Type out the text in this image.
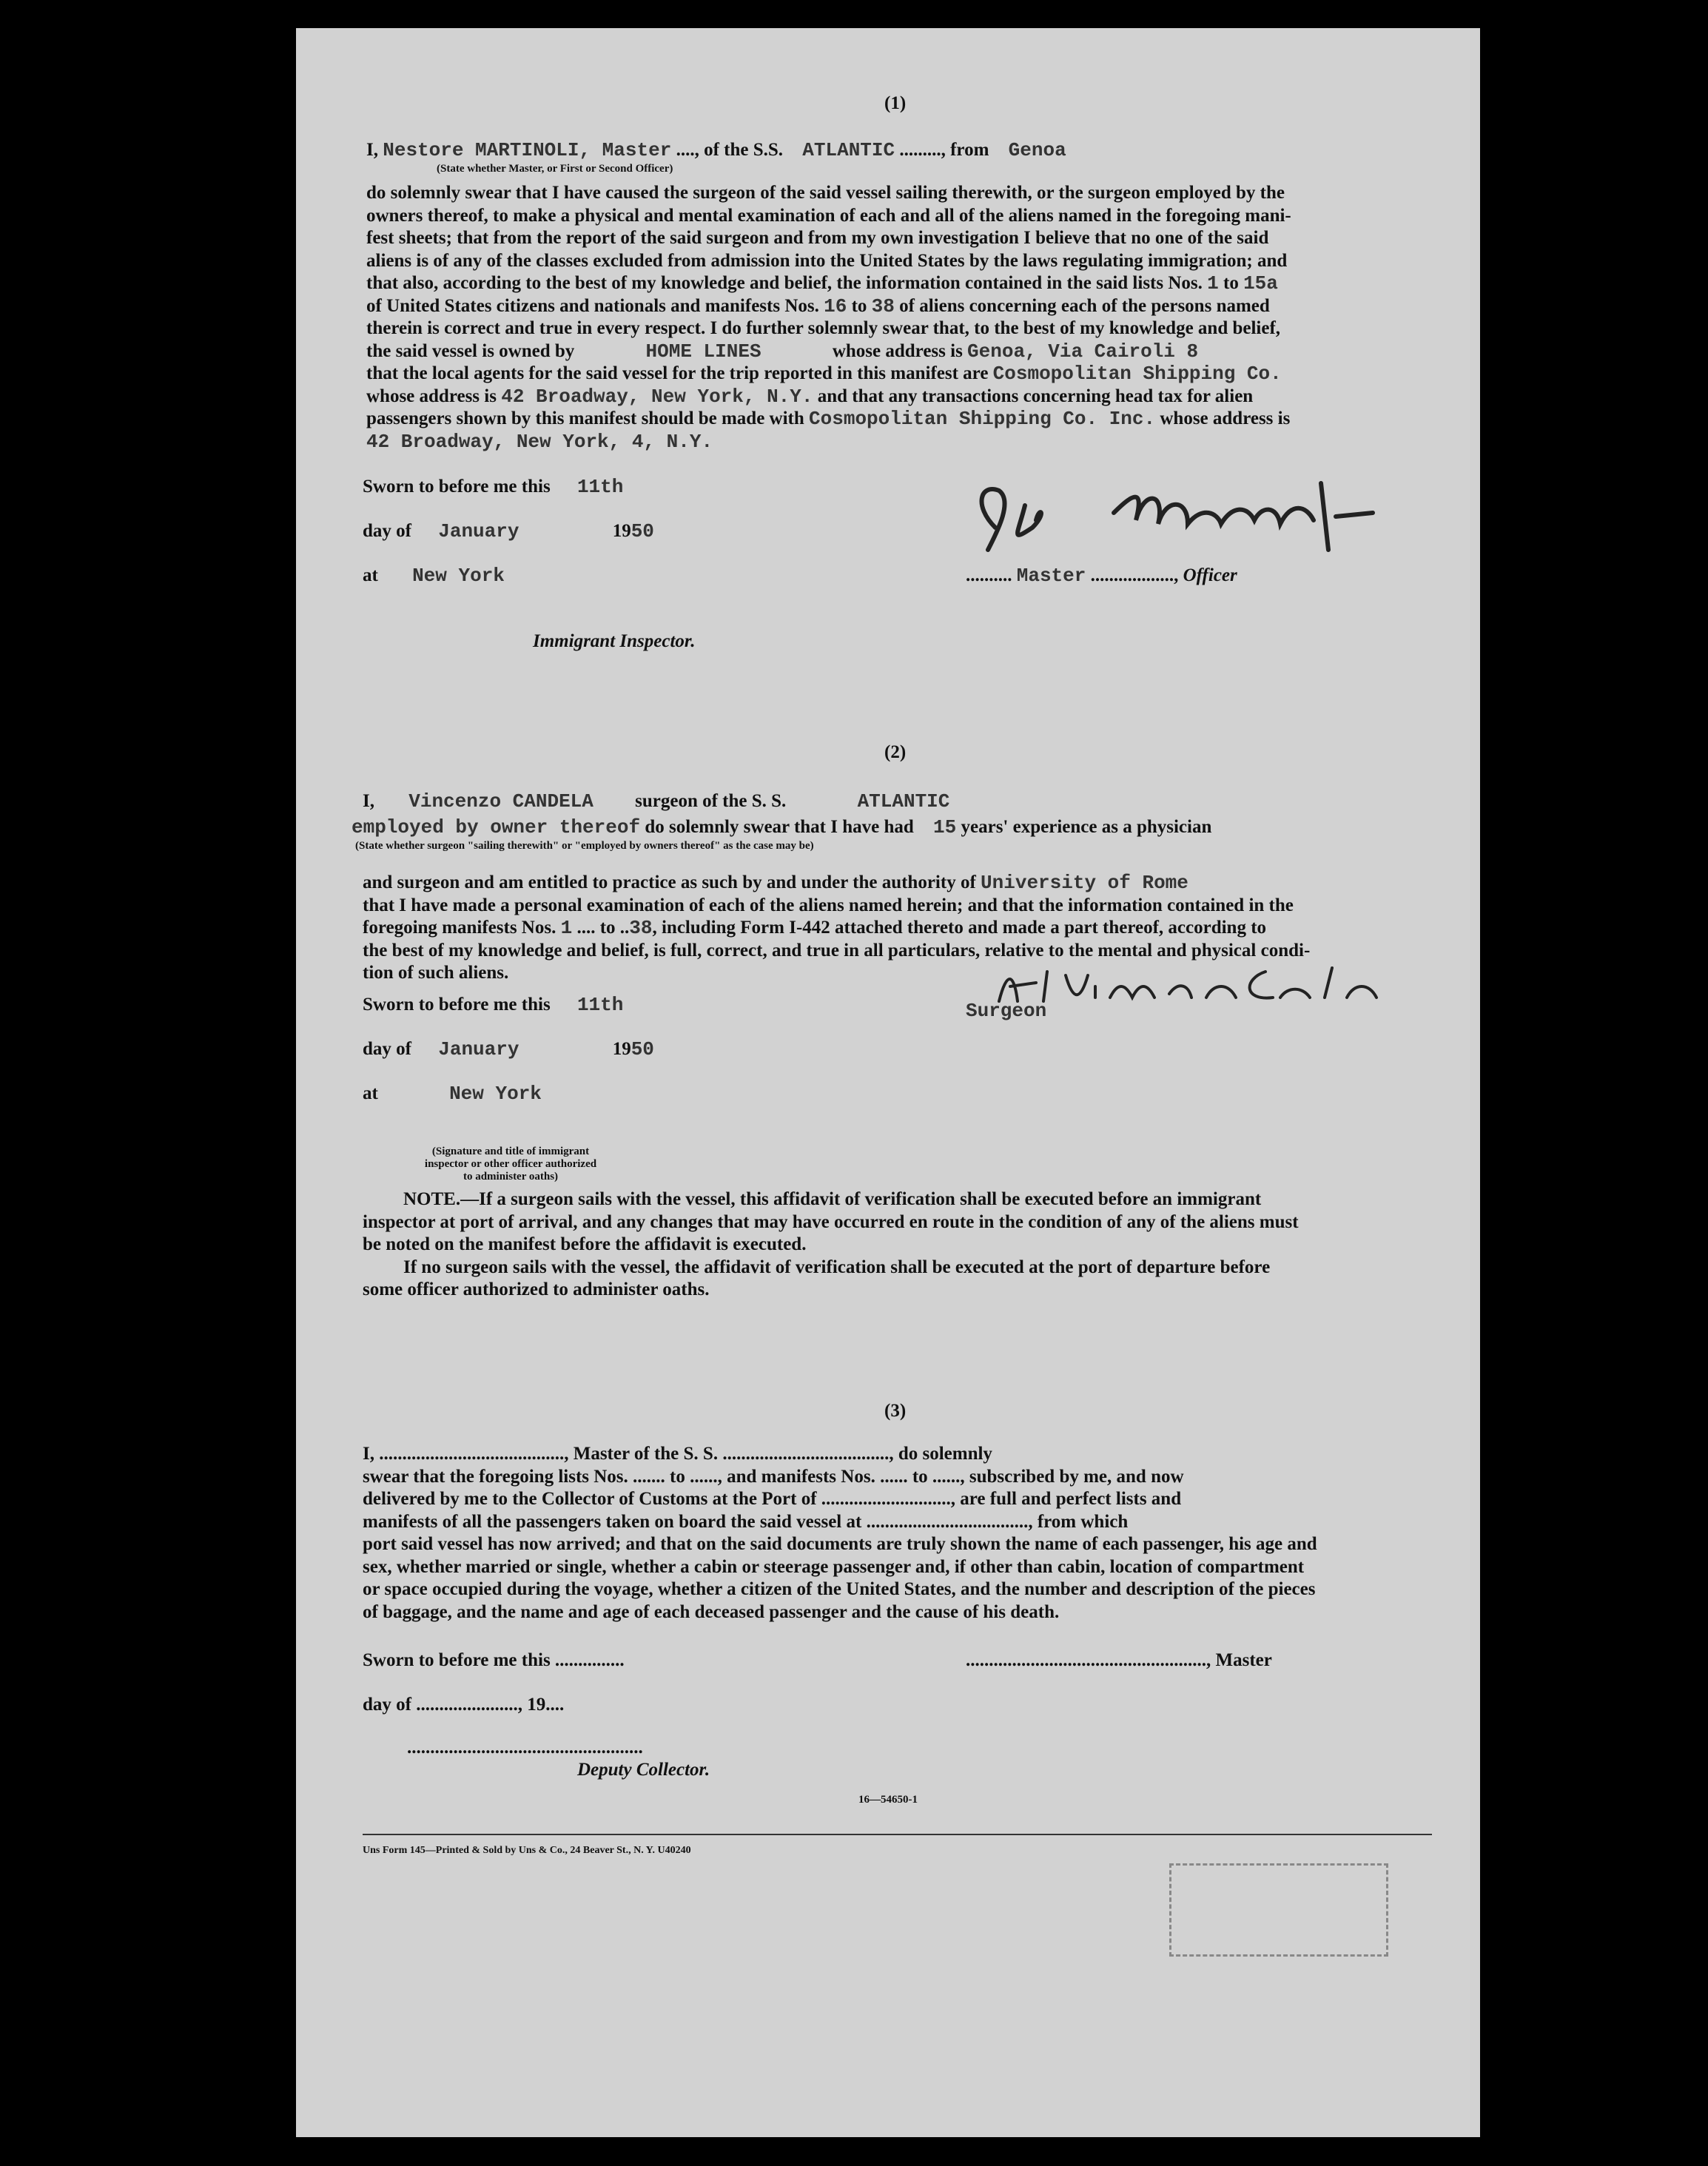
(1)
I, Nestore MARTINOLI, Master ...., of the S.S. ATLANTIC ........., from Genoa
(State whether Master, or First or Second Officer)
do solemnly swear that I have caused the surgeon of the said vessel sailing therewith, or the surgeon employed by the
owners thereof, to make a physical and mental examination of each and all of the aliens named in the foregoing mani-
fest sheets; that from the report of the said surgeon and from my own investigation I believe that no one of the said
aliens is of any of the classes excluded from admission into the United States by the laws regulating immigration; and
that also, according to the best of my knowledge and belief, the information contained in the said lists Nos. 1 to 15a
of United States citizens and nationals and manifests Nos. 16 to 38 of aliens concerning each of the persons named
therein is correct and true in every respect. I do further solemnly swear that, to the best of my knowledge and belief,
the said vessel is owned by	HOME LINES	whose address is Genoa, Via Cairoli 8
that the local agents for the said vessel for the trip reported in this manifest are Cosmopolitan Shipping Co.
whose address is 42 Broadway, New York, N.Y. and that any transactions concerning head tax for alien
passengers shown by this manifest should be made with Cosmopolitan Shipping Co. Inc. whose address is
42 Broadway, New York, 4, N.Y.
Sworn to before me this 11th
day of January	1950
at New York
Immigrant Inspector.
.......... Master .................., Officer
(2)
I, Vincenzo CANDELA surgeon of the S. S.	ATLANTIC
employed by owner thereof do solemnly swear that I have had 15 years' experience as a physician
(State whether surgeon "sailing therewith" or "employed by owners thereof" as the case may be)
and surgeon and am entitled to practice as such by and under the authority of University of Rome
that I have made a personal examination of each of the aliens named herein; and that the information contained in the
foregoing manifests Nos. 1 .... to ..38, including Form I-442 attached thereto and made a part thereof, according to
the best of my knowledge and belief, is full, correct, and true in all particulars, relative to the mental and physical condi-
tion of such aliens.
Sworn to before me this 11th
day of January	1950
at	New York
(Signature and title of immigrant inspector or other officer authorized to administer oaths)
Surgeon
NOTE.—If a surgeon sails with the vessel, this affidavit of verification shall be executed before an immigrant
inspector at port of arrival, and any changes that may have occurred en route in the condition of any of the aliens must
be noted on the manifest before the affidavit is executed.
If no surgeon sails with the vessel, the affidavit of verification shall be executed at the port of departure before
some officer authorized to administer oaths.
(3)
I, ........................................, Master of the S. S. ...................................., do solemnly
swear that the foregoing lists Nos. ....... to ......, and manifests Nos. ...... to ......, subscribed by me, and now
delivered by me to the Collector of Customs at the Port of ............................, are full and perfect lists and
manifests of all the passengers taken on board the said vessel at ..................................., from which
port said vessel has now arrived; and that on the said documents are truly shown the name of each passenger, his age and
sex, whether married or single, whether a cabin or steerage passenger and, if other than cabin, location of compartment
or space occupied during the voyage, whether a citizen of the United States, and the number and description of the pieces
of baggage, and the name and age of each deceased passenger and the cause of his death.
Sworn to before me this ...............	...................................................., Master
day of ......................, 19....
...................................................
Deputy Collector.
16—54650-1
Uns Form 145—Printed & Sold by Uns & Co., 24 Beaver St., N. Y. U40240
